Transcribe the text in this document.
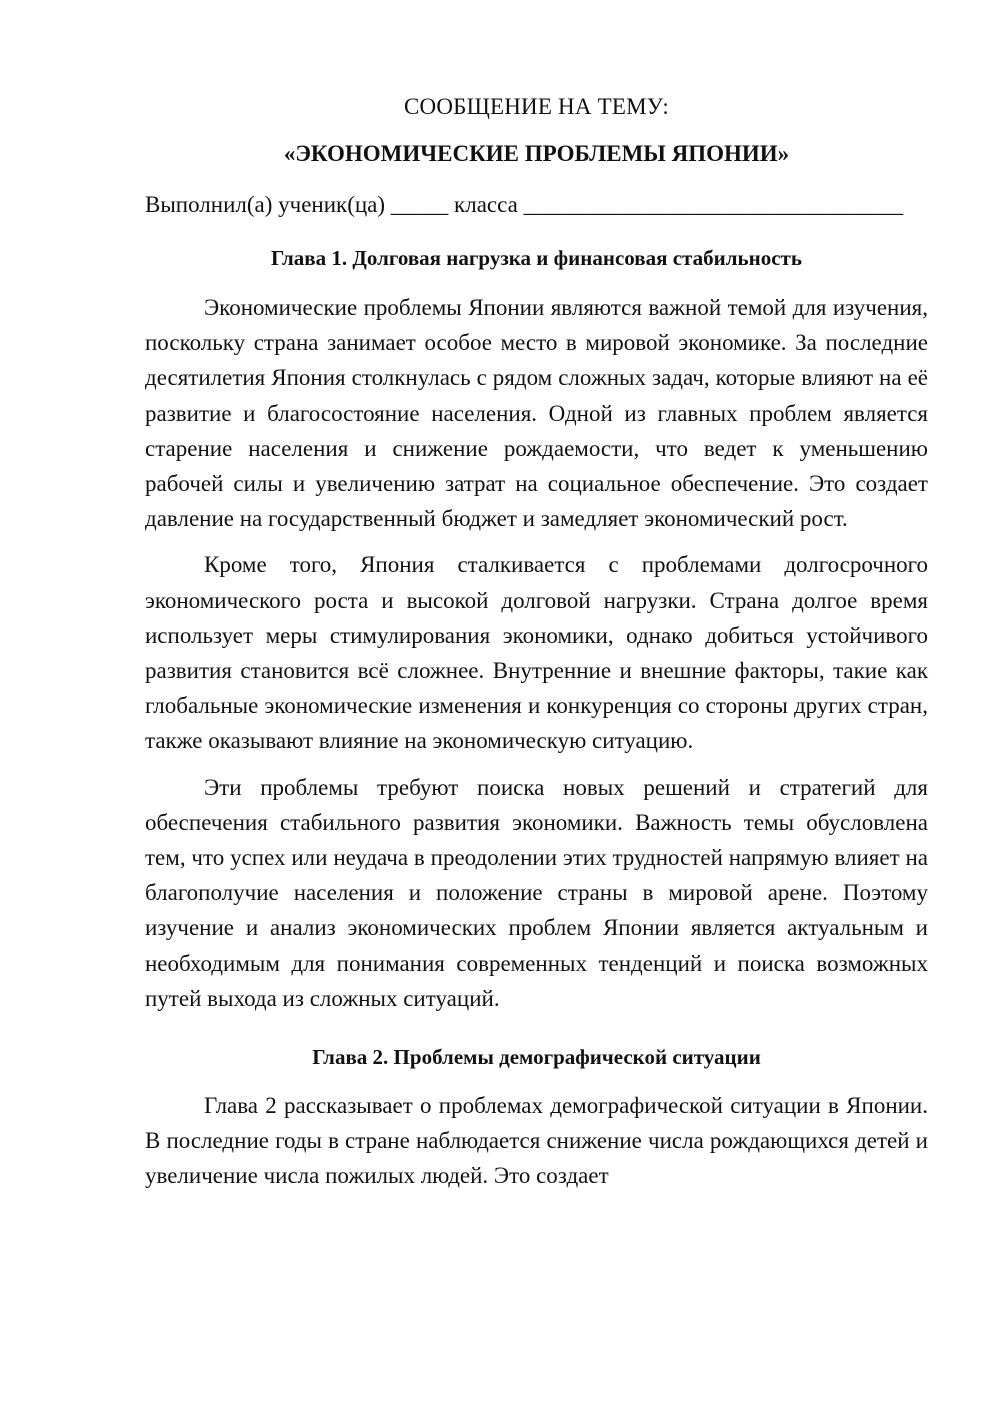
СООБЩЕНИЕ НА ТЕМУ:
«ЭКОНОМИЧЕСКИЕ ПРОБЛЕМЫ ЯПОНИИ»

Выполнил(а) ученик(ца) _____ класса _________________________________

Глава 1. Долговая нагрузка и финансовая стабильность

Экономические проблемы Японии являются важной темой для изучения, поскольку страна занимает особое место в мировой экономике. За последние десятилетия Япония столкнулась с рядом сложных задач, которые влияют на её развитие и благосостояние населения. Одной из главных проблем является старение населения и снижение рождаемости, что ведет к уменьшению рабочей силы и увеличению затрат на социальное обеспечение. Это создает давление на государственный бюджет и замедляет экономический рост.

Кроме того, Япония сталкивается с проблемами долгосрочного экономического роста и высокой долговой нагрузки. Страна долгое время использует меры стимулирования экономики, однако добиться устойчивого развития становится всё сложнее. Внутренние и внешние факторы, такие как глобальные экономические изменения и конкуренция со стороны других стран, также оказывают влияние на экономическую ситуацию.

Эти проблемы требуют поиска новых решений и стратегий для обеспечения стабильного развития экономики. Важность темы обусловлена тем, что успех или неудача в преодолении этих трудностей напрямую влияет на благополучие населения и положение страны в мировой арене. Поэтому изучение и анализ экономических проблем Японии является актуальным и необходимым для понимания современных тенденций и поиска возможных путей выхода из сложных ситуаций.

Глава 2. Проблемы демографической ситуации

Глава 2 рассказывает о проблемах демографической ситуации в Японии. В последние годы в стране наблюдается снижение числа рождающихся детей и увеличение числа пожилых людей. Это создает
